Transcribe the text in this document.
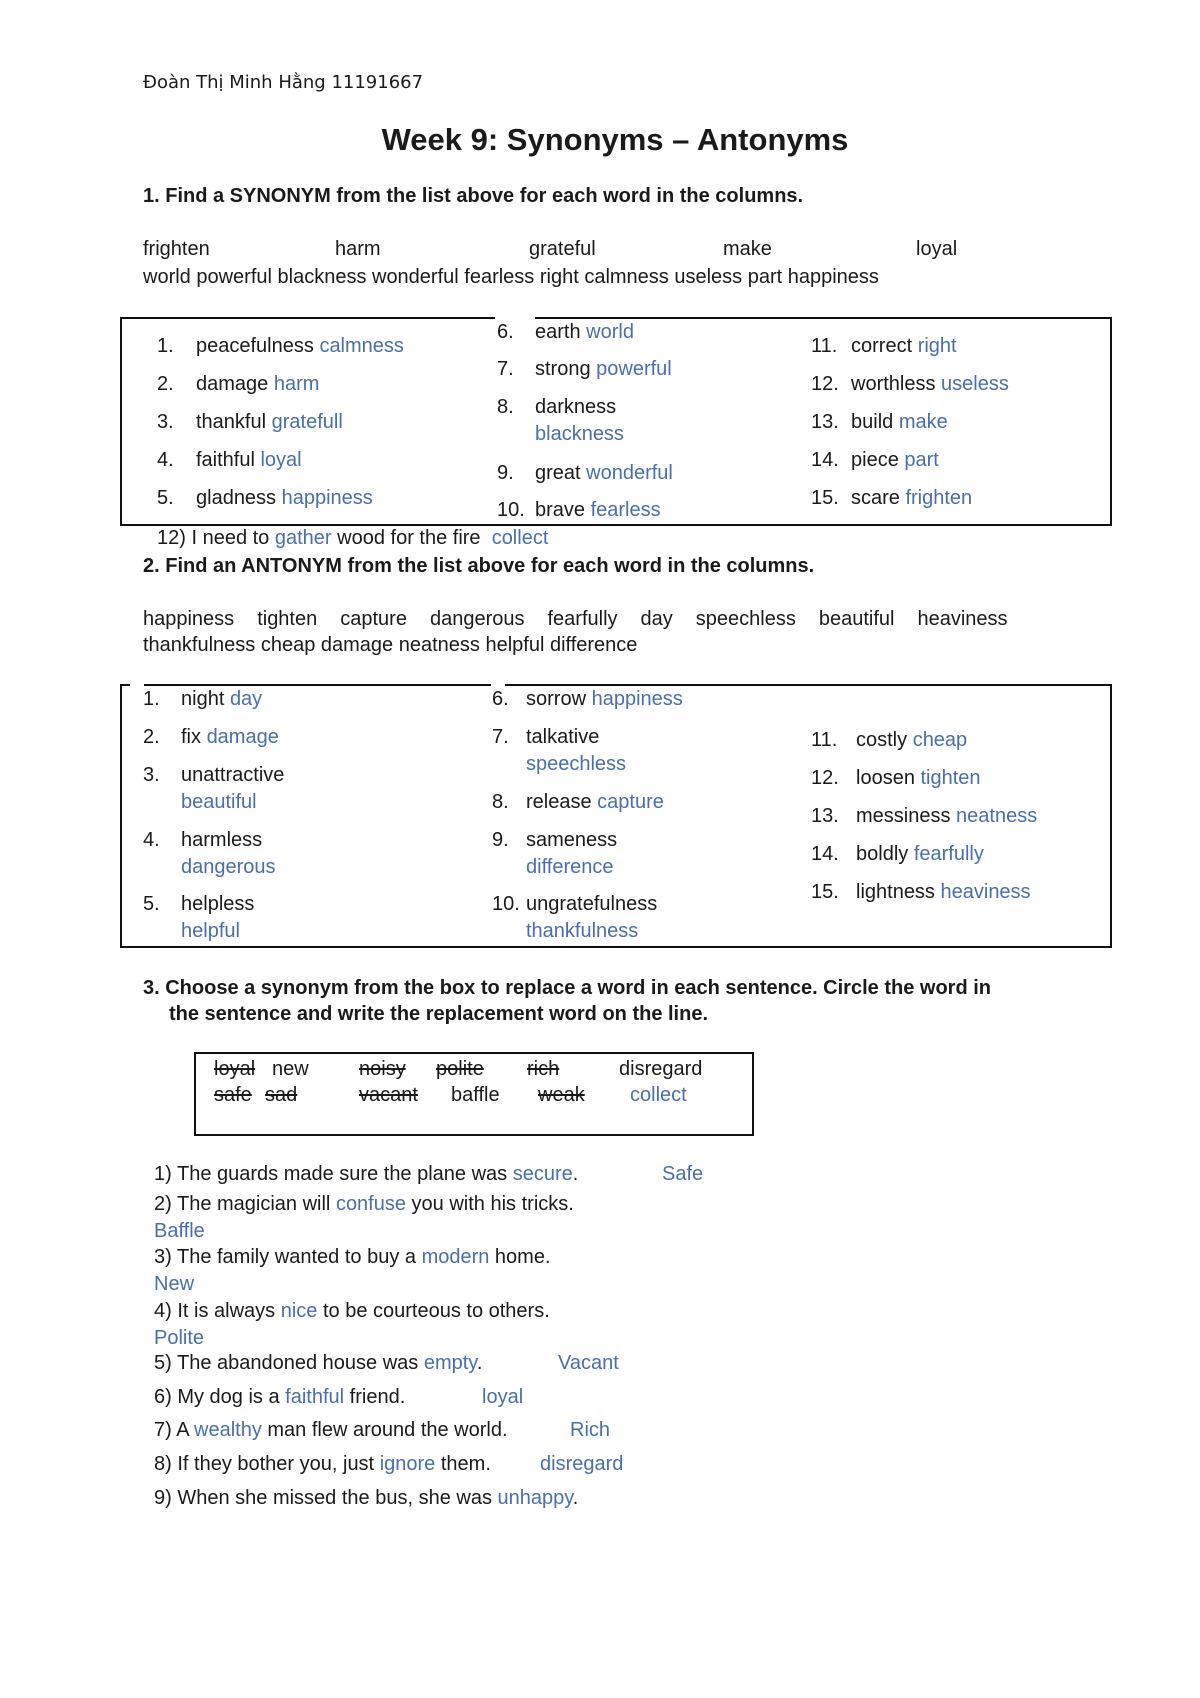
Đoàn Thị Minh Hằng 11191667
Week 9: Synonyms – Antonyms
1. Find a SYNONYM from the list above for each word in the columns.
frighten	harm	grateful	make	loyal
world powerful blackness wonderful fearless right calmness useless part happiness
1. peacefulness calmness
2. damage harm
3. thankful gratefull
4. faithful loyal
5. gladness happiness
6. earth world
7. strong powerful
8. darkness
blackness
9. great wonderful
10. brave fearless
11. correct right
12. worthless useless
13. build make
14. piece part
15. scare frighten
12) I need to gather wood for the fire collect
2. Find an ANTONYM from the list above for each word in the columns.
happiness tighten capture dangerous fearfully day speechless beautiful heaviness
thankfulness cheap damage neatness helpful difference
1. night day
2. fix damage
3. unattractive
beautiful
4. harmless
dangerous
5. helpless
helpful
6. sorrow happiness
7. talkative
speechless
8. release capture
9. sameness
difference
10. ungratefulness
thankfulness
11. costly cheap
12. loosen tighten
13. messiness neatness
14. boldly fearfully
15. lightness heaviness
3. Choose a synonym from the box to replace a word in each sentence. Circle the word in
the sentence and write the replacement word on the line.
loyal new	noisy polite rich	disregard
safe sad	vacant baffle weak collect
1) The guards made sure the plane was secure.	Safe
2) The magician will confuse you with his tricks.
Baffle
3) The family wanted to buy a modern home.
New
4) It is always nice to be courteous to others.
Polite
5) The abandoned house was empty.	Vacant
6) My dog is a faithful friend.	loyal
7) A wealthy man flew around the world.	Rich
8) If they bother you, just ignore them. disregard
9) When she missed the bus, she was unhappy.
